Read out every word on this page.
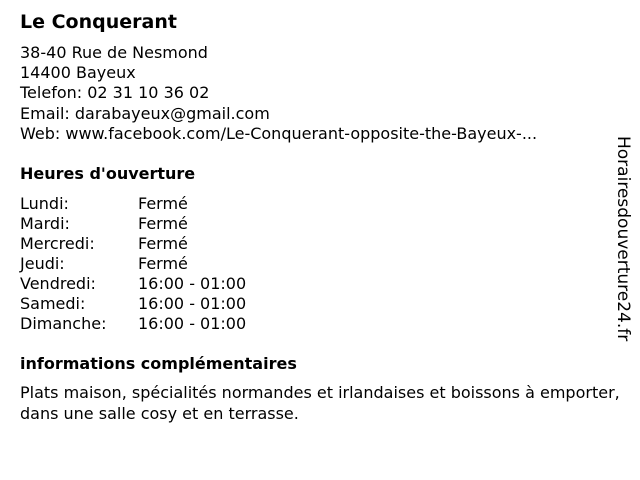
Le Conquerant
38-40 Rue de Nesmond
14400 Bayeux
Telefon: 02 31 10 36 02
Email: darabayeux@gmail.com
Web: www.facebook.com/Le-Conquerant-opposite-the-Bayeux-...
Heures d'ouverture
Lundi:	Fermé
Mardi:	Fermé
Mercredi:	Fermé
Jeudi:	Fermé
Vendredi:	16:00 - 01:00
Samedi:	16:00 - 01:00
Dimanche: 16:00 - 01:00
informations complémentaires
Plats maison, spécialités normandes et irlandaises et boissons à emporter, dans une salle cosy et en terrasse.
Horairesdouverture24.fr
